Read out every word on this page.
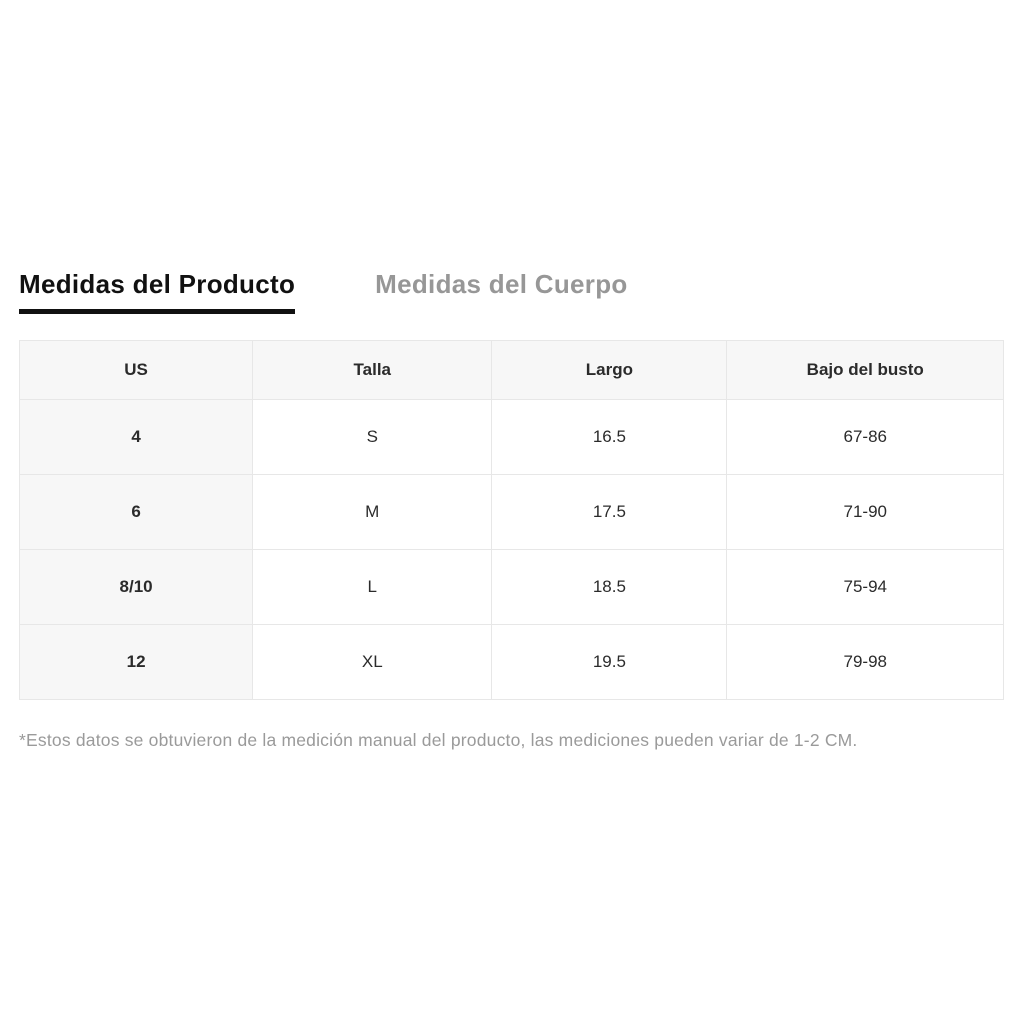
Medidas del Producto	Medidas del Cuerpo
US	Talla	Largo	Bajo del busto
4	S	16.5	67-86
6	M	17.5	71-90
8/10	L	18.5	75-94
12	XL	19.5	79-98
*Estos datos se obtuvieron de la medición manual del producto, las mediciones pueden variar de 1-2 CM.
